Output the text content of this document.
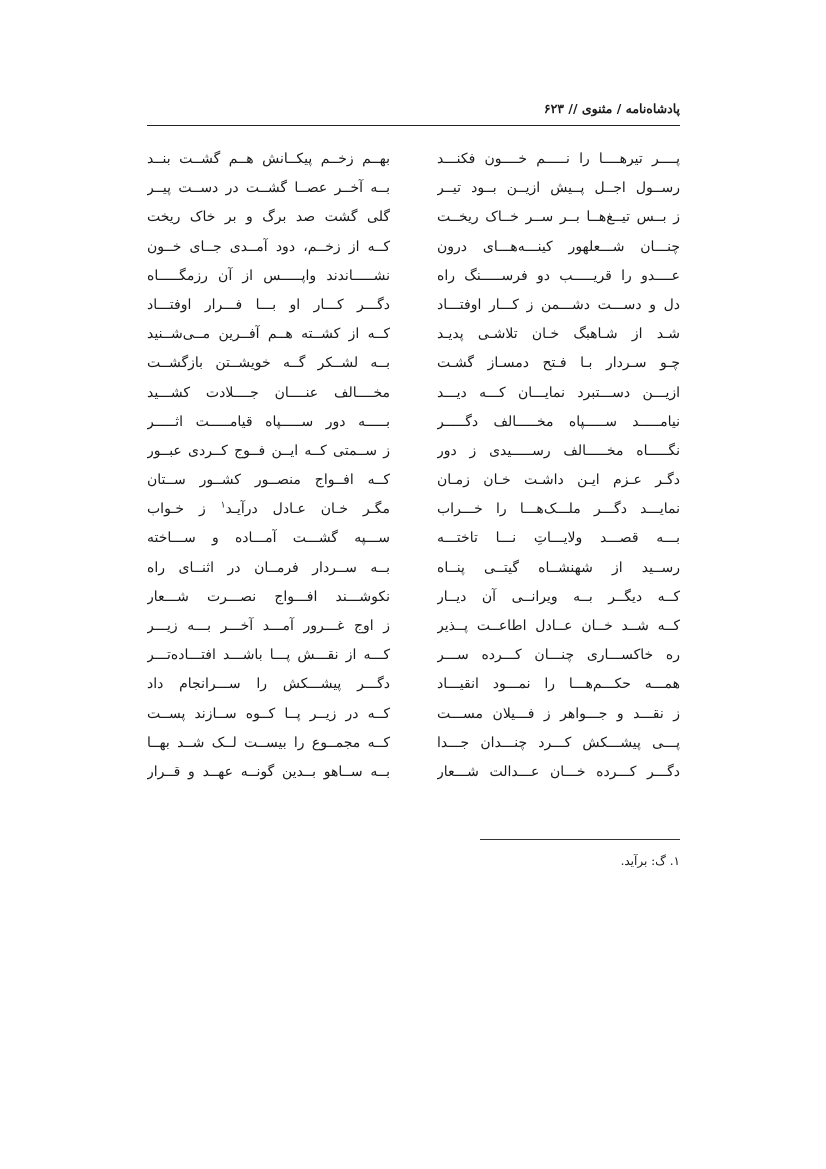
پادشاه‌نامه / مثنوی // ۶۲۳
پــــر تیرهــــا را نـــــم خــــون فکنـــد
بهــم زخــم پیکــانش هــم گشــت بنــد
رســول اجــل پــیش ازیــن بــود تیــر
بــه آخــر عصــا گشــت در دســت پیــر
ز بــس تیــغ‌هــا بــر ســر خــاک ریخــت
گلی گشت صد برگ و بر خاک ریخت
چنـــان شـــعلهور کینـــه‌هـــای درون
کــه از زخــم، دود آمــدی جــای خــون
عــــدو را قریـــــب دو فرســـــنگ راه
نشـــــاندند واپـــــس از آن رزمگـــــاه
دل و دســـت دشـــمن ز کـــار اوفتـــاد
دگـــر کـــار او بـــا فـــرار اوفتـــاد
شـد از شـاهبگ خـان تلاشـی پدیـد
کــه از کشــته هــم آفــرین مــی‌شــنید
چـو سـردار بـا فـتح دمسـاز گشـت
بــه لشــکر گــه خویشــتن بازگشــت
ازیـــن دســـتبرد نمایـــان کـــه دیـــد
مخــــالف عنــــان جــــلادت کشـــید
نیامـــــد ســـــپاه مخـــــالف دگـــــر
بـــــه دور ســـــپاه قیامـــــت اثـــــر
نگـــــاه مخـــــالف رســـــیدی ز دور
ز ســمتی کــه ایــن فــوج کــردی عبــور
دگـر عـزم ایـن داشـت خـان زمـان
کــه افــواج منصــور کشــور ســتان
نمایـــد دگـــر ملـــک‌هـــا را خـــراب
مگـر خـان عـادل درآیـد$^۱$ ز خـواب
بـــه قصـــد ولایـــاتِ نـــا تاختـــه
ســـپه گشـــت آمـــاده و ســـاخته
رســید از شهنشــاه گیتــی پنــاه
بــه ســردار فرمــان در اثنــای راه
کــه دیگــر بــه ویرانــی آن دیــار
نکوشـــند افـــواج نصـــرت شـــعار
کــه شــد خــان عــادل اطاعــت پــذیر
ز اوج غـــرور آمـــد آخـــر بـــه زیـــر
ره خاکســـاری چنـــان کـــرده ســـر
کـــه از نقـــش پـــا باشـــد افتـــاده‌تـــر
همـــه حکـــم‌هـــا را نمـــود انقیـــاد
دگـــر پیشـــکش را ســـرانجام داد
ز نقـــد و جـــواهر ز فـــیلان مســـت
کــه در زیــر پــا کــوه ســازند پســت
پـــی پیشـــکش کـــرد چنـــدان جـــدا
کــه مجمــوع را بیســت لــک شــد بهــا
دگـــر کـــرده خـــان عـــدالت شـــعار
بــه ســاهو بــدین گونــه عهــد و قــرار
۱. گ: برآید.
